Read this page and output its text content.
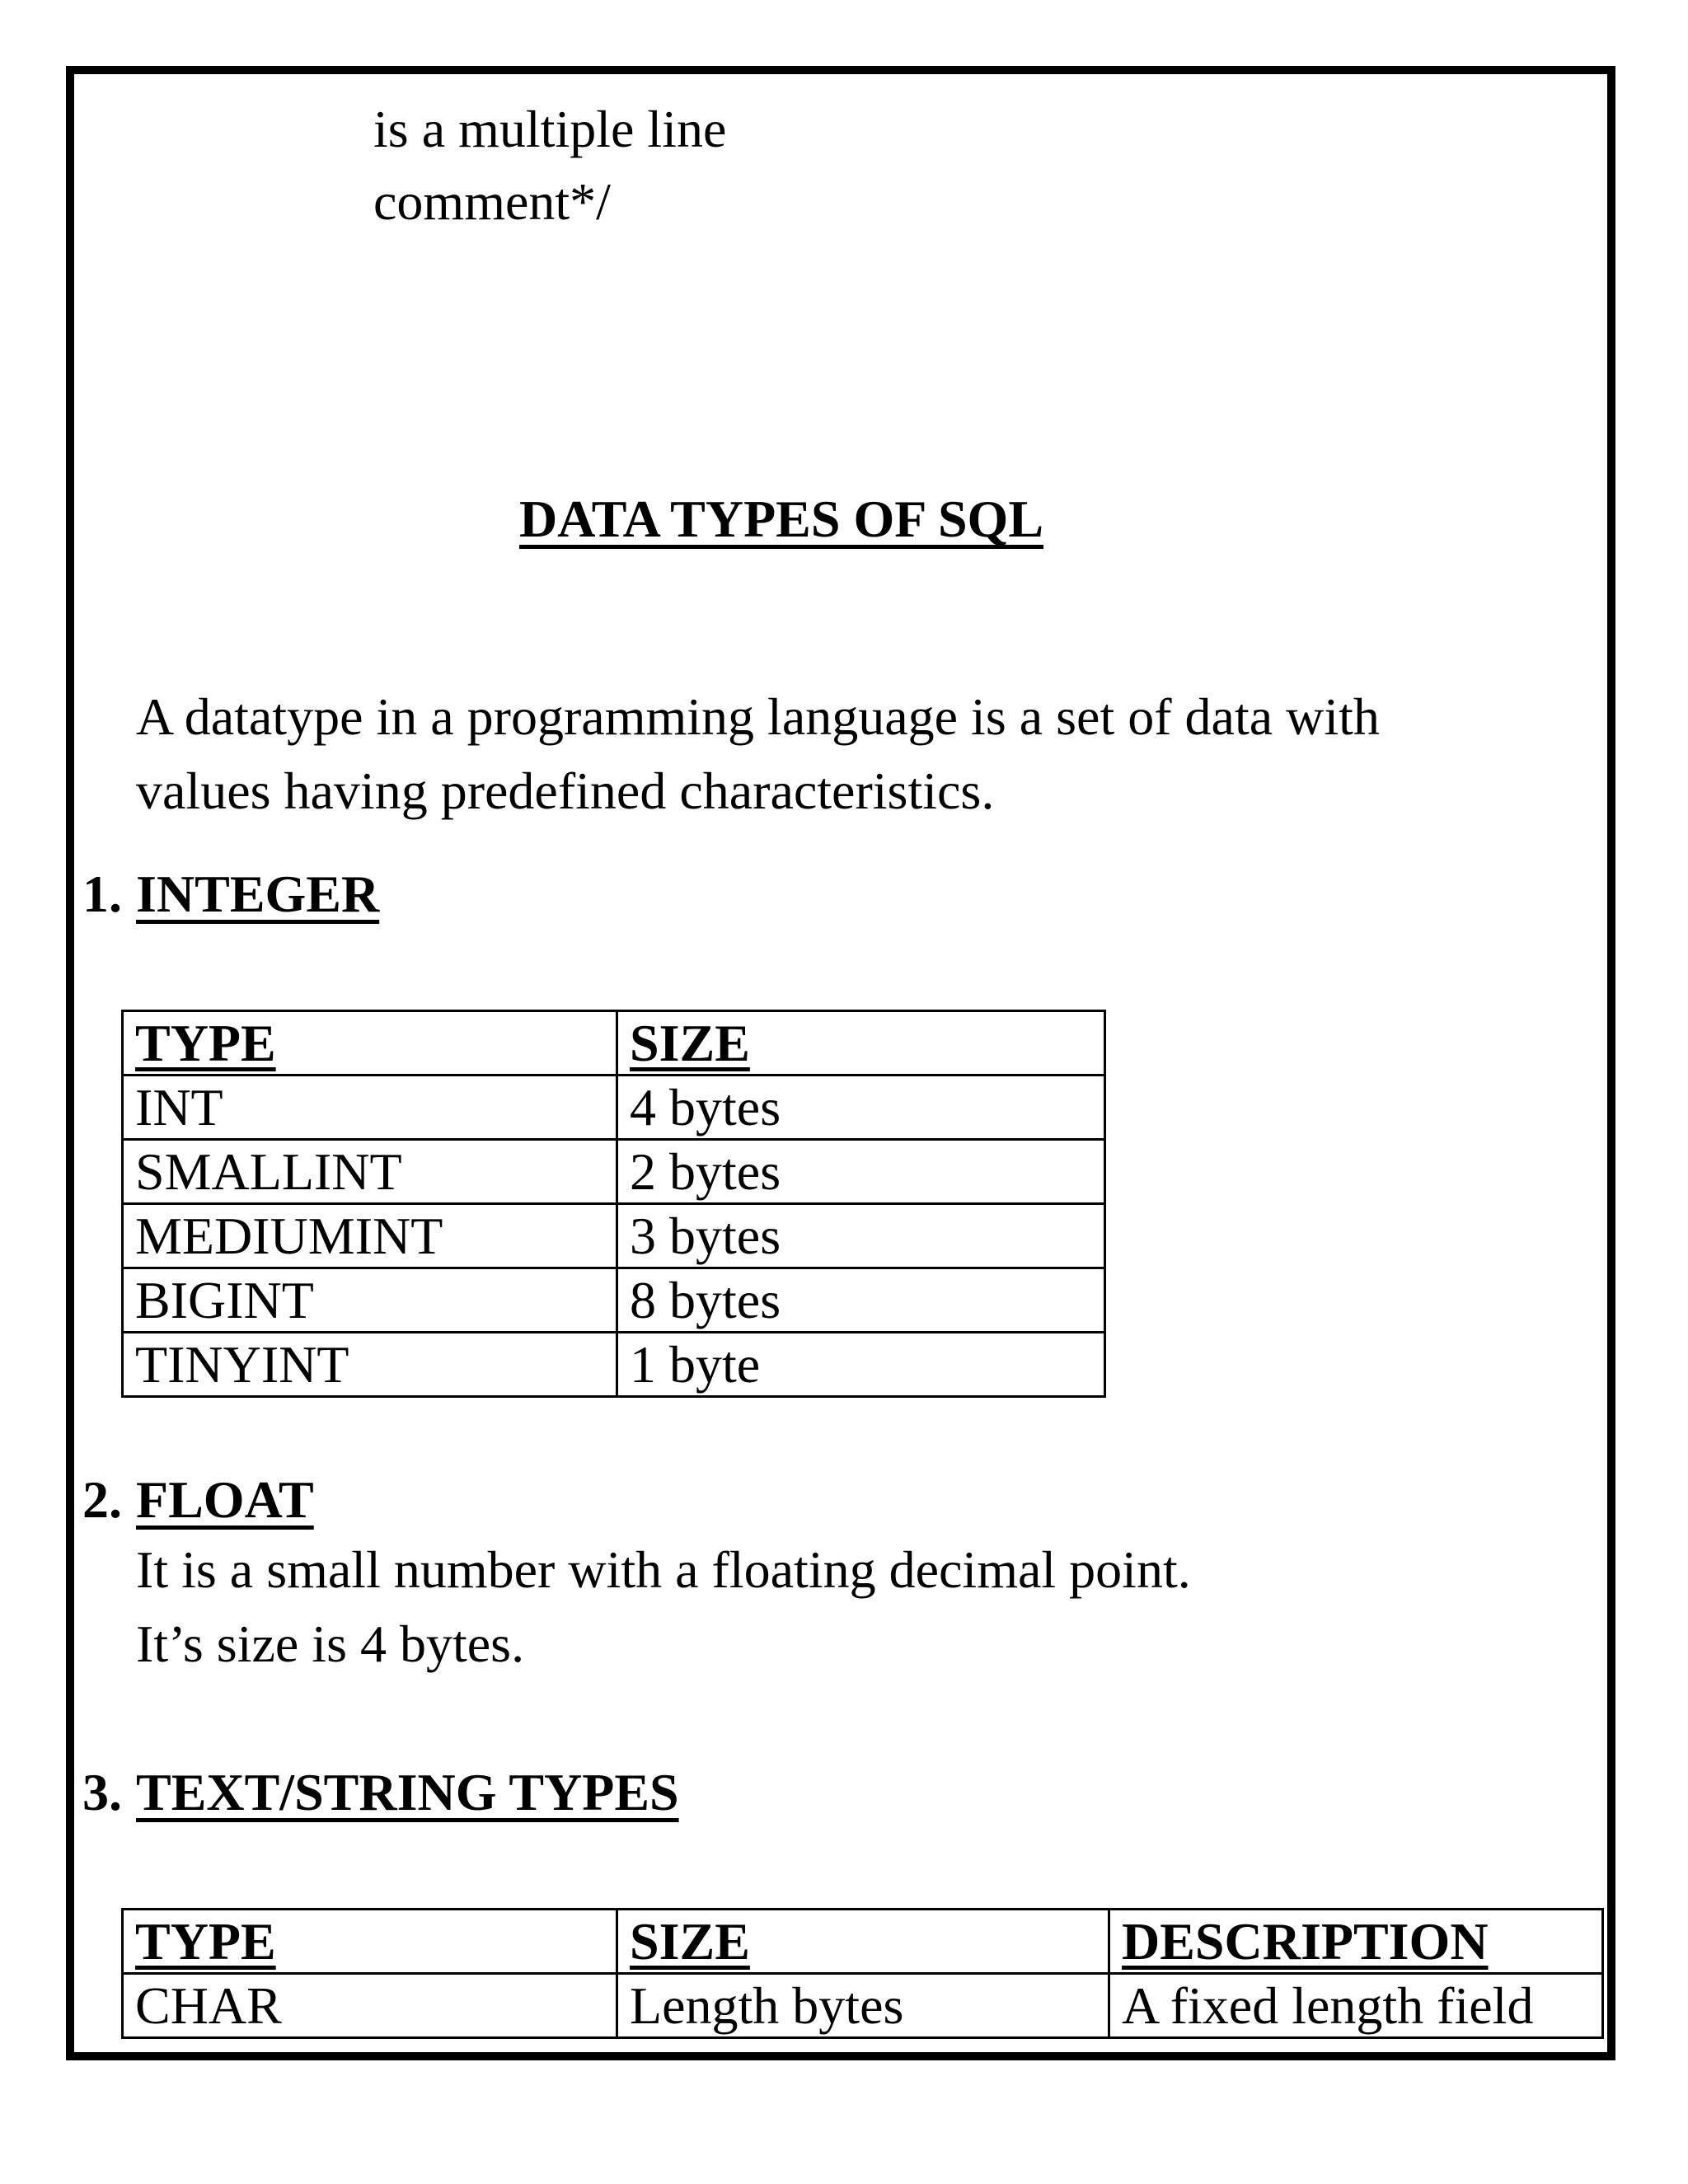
is a multiple line
comment*/
DATA TYPES OF SQL
A datatype in a programming language is a set of data with
values having predefined characteristics.
1. INTEGER
TYPE	SIZE
INT	4 bytes
SMALLINT	2 bytes
MEDIUMINT	3 bytes
BIGINT	8 bytes
TINYINT	1 byte
2. FLOAT
It is a small number with a floating decimal point.
It’s size is 4 bytes.
3. TEXT/STRING TYPES
TYPE	SIZE	DESCRIPTION
CHAR	Length bytes	A fixed length field
